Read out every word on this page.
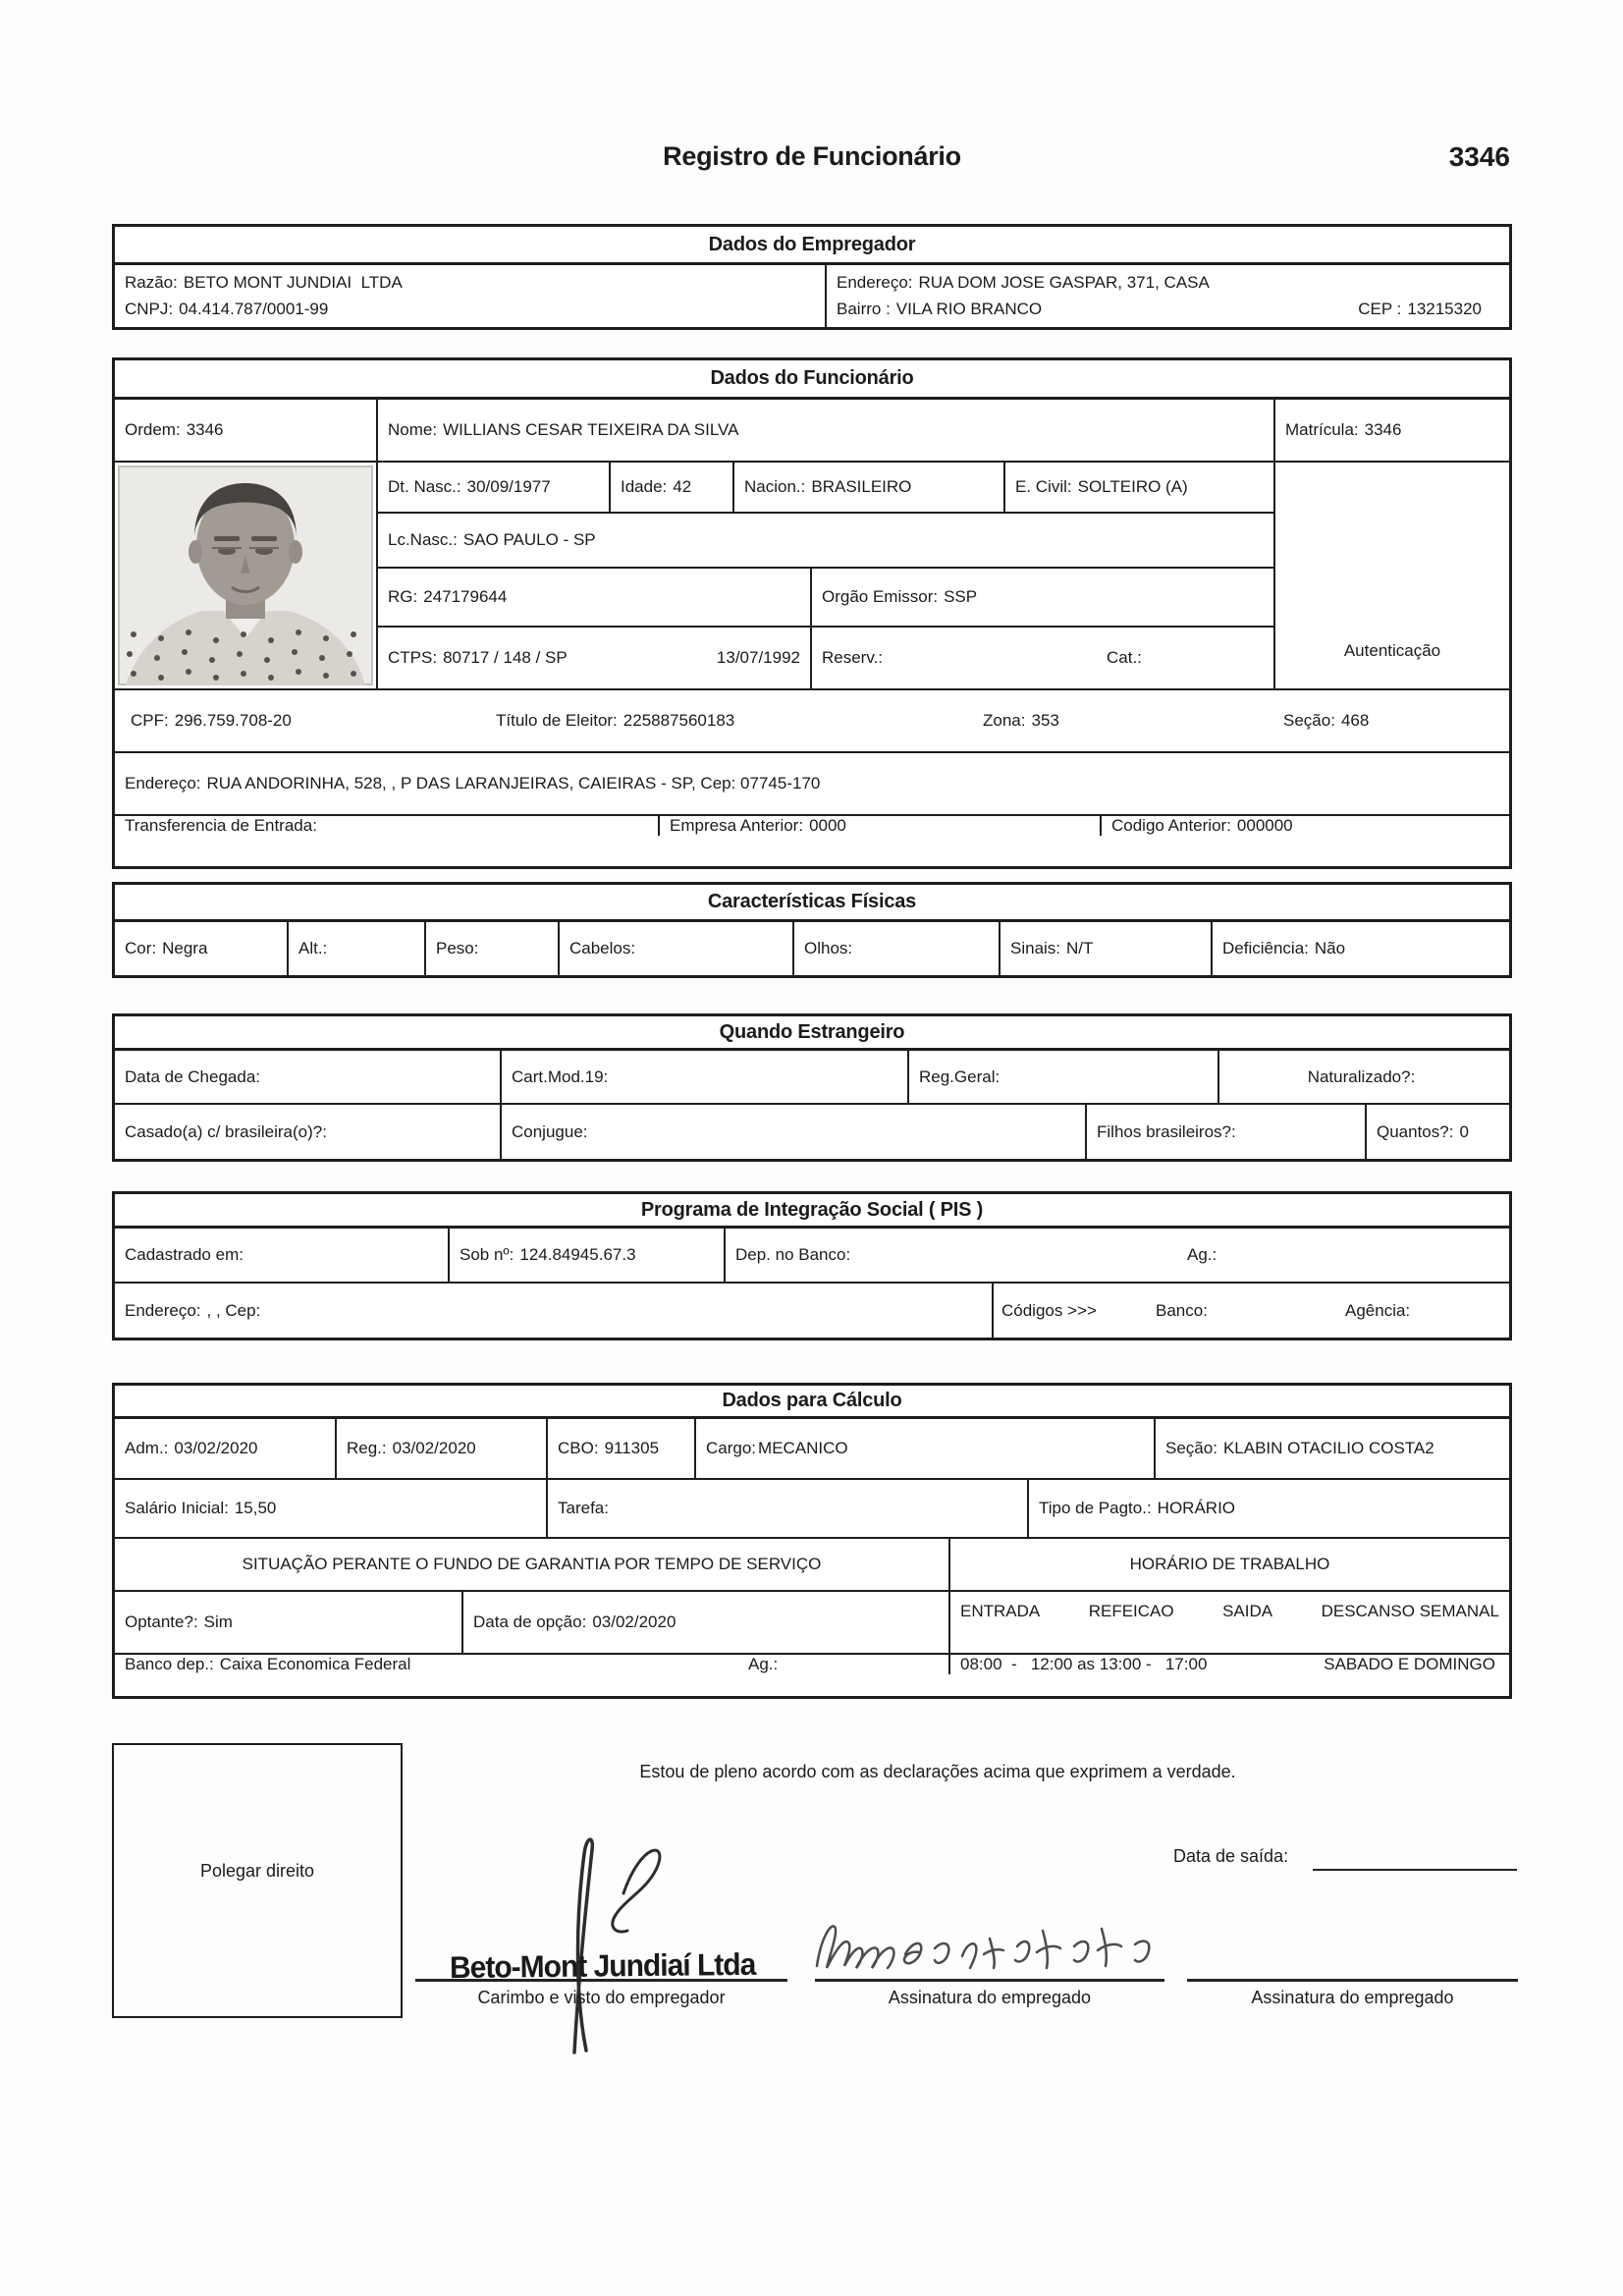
Registro de Funcionário	3346
Dados do Empregador
Razão: BETO MONT JUNDIAI  LTDA
CNPJ: 04.414.787/0001-99
Endereço: RUA DOM JOSE GASPAR, 371, CASA
Bairro : VILA RIO BRANCO	CEP : 13215320
Dados do Funcionário
Ordem: 3346	Nome: WILLIANS CESAR TEIXEIRA DA SILVA	Matrícula: 3346
Dt. Nasc.: 30/09/1977	Idade: 42	Nacion.: BRASILEIRO	E. Civil: SOLTEIRO (A)
Lc.Nasc.: SAO PAULO - SP
RG: 247179644	Orgão Emissor: SSP
CTPS: 80717 / 148 / SP	13/07/1992 Reserv.:	Cat.:	Autenticação
CPF: 296.759.708-20	Título de Eleitor: 225887560183	Zona: 353	Seção: 468
Endereço: RUA ANDORINHA, 528, , P DAS LARANJEIRAS, CAIEIRAS - SP, Cep: 07745-170
Transferencia de Entrada:	Empresa Anterior: 0000	Codigo Anterior: 000000
Características Físicas
Cor: Negra	Alt.:	Peso:	Cabelos:	Olhos:	Sinais: N/T	Deficiência: Não
Quando Estrangeiro
Data de Chegada:	Cart.Mod.19:	Reg.Geral:	Naturalizado?:
Casado(a) c/ brasileira(o)?:	Conjugue:	Filhos brasileiros?:	Quantos?: 0
Programa de Integração Social ( PIS )
Cadastrado em:	Sob nº: 124.84945.67.3	Dep. no Banco:	Ag.:
Endereço: , , Cep:	Códigos >>>	Banco:	Agência:
Dados para Cálculo
Adm.: 03/02/2020	Reg.: 03/02/2020	CBO: 911305	Cargo: MECANICO	Seção: KLABIN OTACILIO COSTA2
Salário Inicial: 15,50	Tarefa:	Tipo de Pagto.: HORÁRIO
SITUAÇÃO PERANTE O FUNDO DE GARANTIA POR TEMPO DE SERVIÇO	HORÁRIO DE TRABALHO
Optante?: Sim	Data de opção: 03/02/2020
ENTRADA	REFEICAO	SAIDA	DESCANSO SEMANAL
Banco dep.: Caixa Economica Federal	Ag.:	08:00  -   12:00 as 13:00 -   17:00	SABADO E DOMINGO
Polegar direito
Estou de pleno acordo com as declarações acima que exprimem a verdade.
Data de saída:
Beto-Mont Jundiaí Ltda
Carimbo e visto do empregador	Assinatura do empregado	Assinatura do empregado
